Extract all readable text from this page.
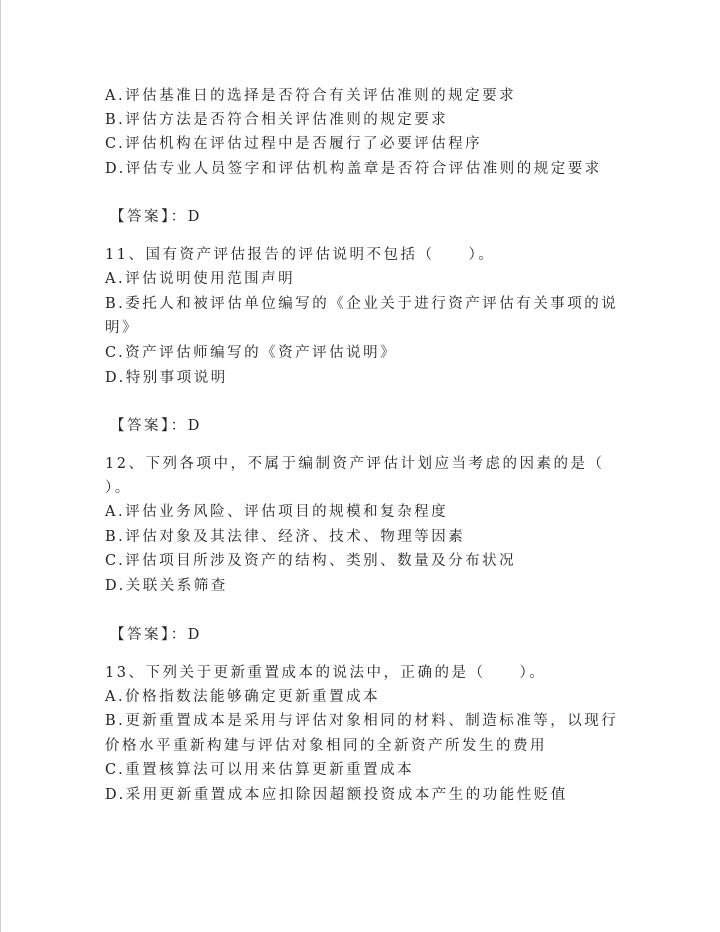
A.评估基准日的选择是否符合有关评估准则的规定要求
B.评估方法是否符合相关评估准则的规定要求
C.评估机构在评估过程中是否履行了必要评估程序
D.评估专业人员签字和评估机构盖章是否符合评估准则的规定要求
【答案】：D
11、国有资产评估报告的评估说明不包括（　　）。
A.评估说明使用范围声明
B.委托人和被评估单位编写的《企业关于进行资产评估有关事项的说
明》
C.资产评估师编写的《资产评估说明》
D.特别事项说明
【答案】：D
12、下列各项中，不属于编制资产评估计划应当考虑的因素的是（
）。
A.评估业务风险、评估项目的规模和复杂程度
B.评估对象及其法律、经济、技术、物理等因素
C.评估项目所涉及资产的结构、类别、数量及分布状况
D.关联关系筛查
【答案】：D
13、下列关于更新重置成本的说法中，正确的是（　　）。
A.价格指数法能够确定更新重置成本
B.更新重置成本是采用与评估对象相同的材料、制造标准等，以现行
价格水平重新构建与评估对象相同的全新资产所发生的费用
C.重置核算法可以用来估算更新重置成本
D.采用更新重置成本应扣除因超额投资成本产生的功能性贬值
